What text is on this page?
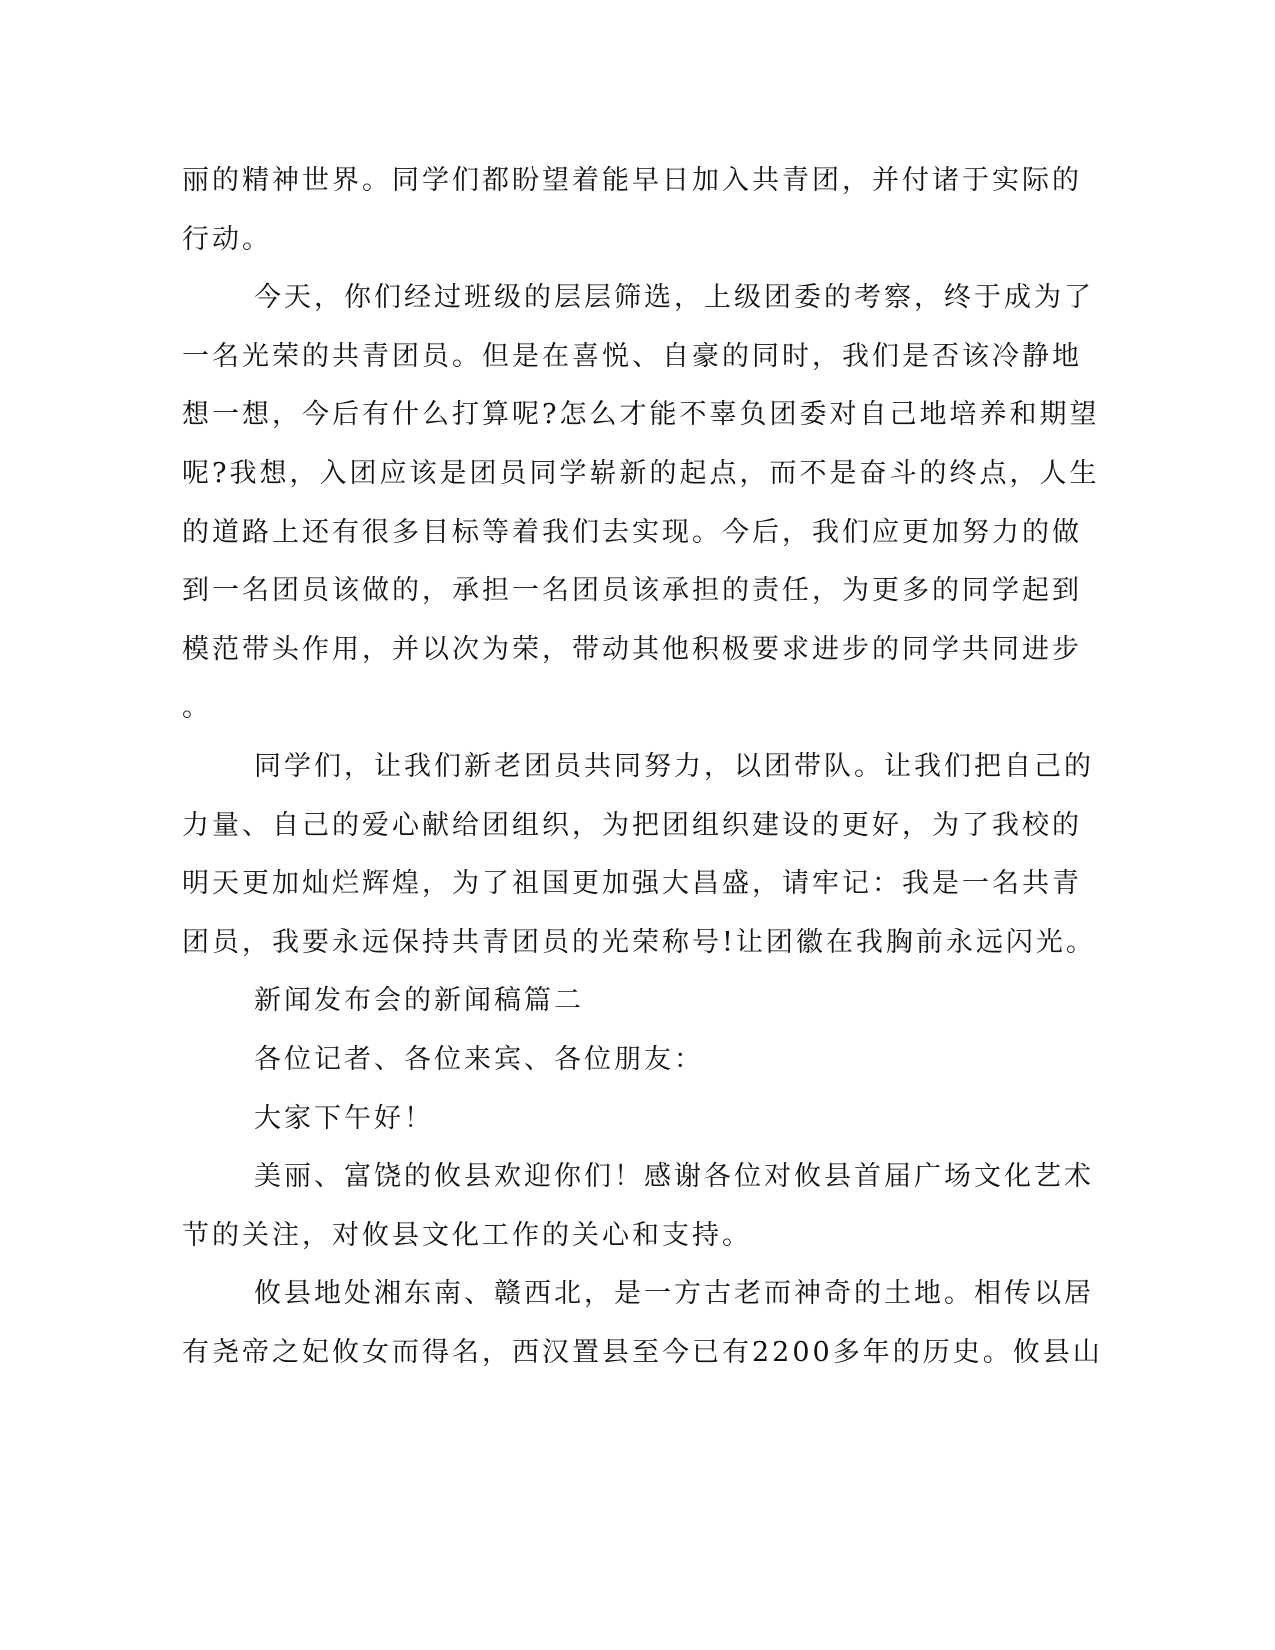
丽的精神世界。同学们都盼望着能早日加入共青团，并付诸于实际的
行动。
今天，你们经过班级的层层筛选，上级团委的考察，终于成为了
一名光荣的共青团员。但是在喜悦、自豪的同时，我们是否该冷静地
想一想，今后有什么打算呢?怎么才能不辜负团委对自己地培养和期望
呢?我想，入团应该是团员同学崭新的起点，而不是奋斗的终点，人生
的道路上还有很多目标等着我们去实现。今后，我们应更加努力的做
到一名团员该做的，承担一名团员该承担的责任，为更多的同学起到
模范带头作用，并以次为荣，带动其他积极要求进步的同学共同进步
。
同学们，让我们新老团员共同努力，以团带队。让我们把自己的
力量、自己的爱心献给团组织，为把团组织建设的更好，为了我校的
明天更加灿烂辉煌，为了祖国更加强大昌盛，请牢记：我是一名共青
团员，我要永远保持共青团员的光荣称号!让团徽在我胸前永远闪光。
新闻发布会的新闻稿篇二
各位记者、各位来宾、各位朋友：
大家下午好！
美丽、富饶的攸县欢迎你们！感谢各位对攸县首届广场文化艺术
节的关注，对攸县文化工作的关心和支持。
攸县地处湘东南、赣西北，是一方古老而神奇的土地。相传以居
有尧帝之妃攸女而得名，西汉置县至今已有2200多年的历史。攸县山
